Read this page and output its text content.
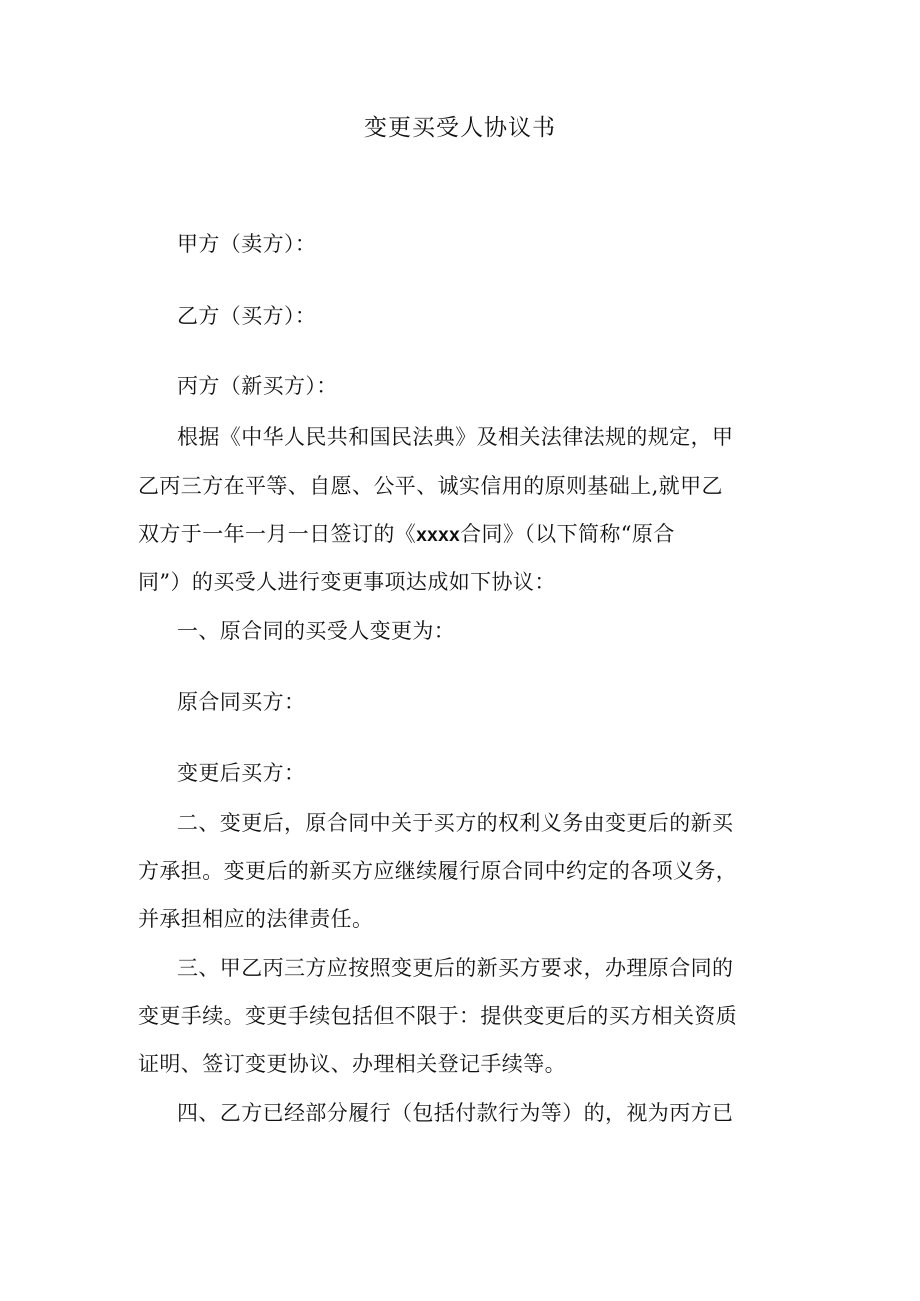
变更买受人协议书
甲方（卖方）：
乙方（买方）：
丙方（新买方）：
根据《中华人民共和国民法典》及相关法律法规的规定，甲
乙丙三方在平等、自愿、公平、诚实信用的原则基础上,就甲乙
双方于一年一月一日签订的《xxxx合同》（以下简称“原合
同”）的买受人进行变更事项达成如下协议：
一、原合同的买受人变更为：
原合同买方：
变更后买方：
二、变更后，原合同中关于买方的权利义务由变更后的新买
方承担。变更后的新买方应继续履行原合同中约定的各项义务，
并承担相应的法律责任。
三、甲乙丙三方应按照变更后的新买方要求，办理原合同的
变更手续。变更手续包括但不限于：提供变更后的买方相关资质
证明、签订变更协议、办理相关登记手续等。
四、乙方已经部分履行（包括付款行为等）的，视为丙方已
